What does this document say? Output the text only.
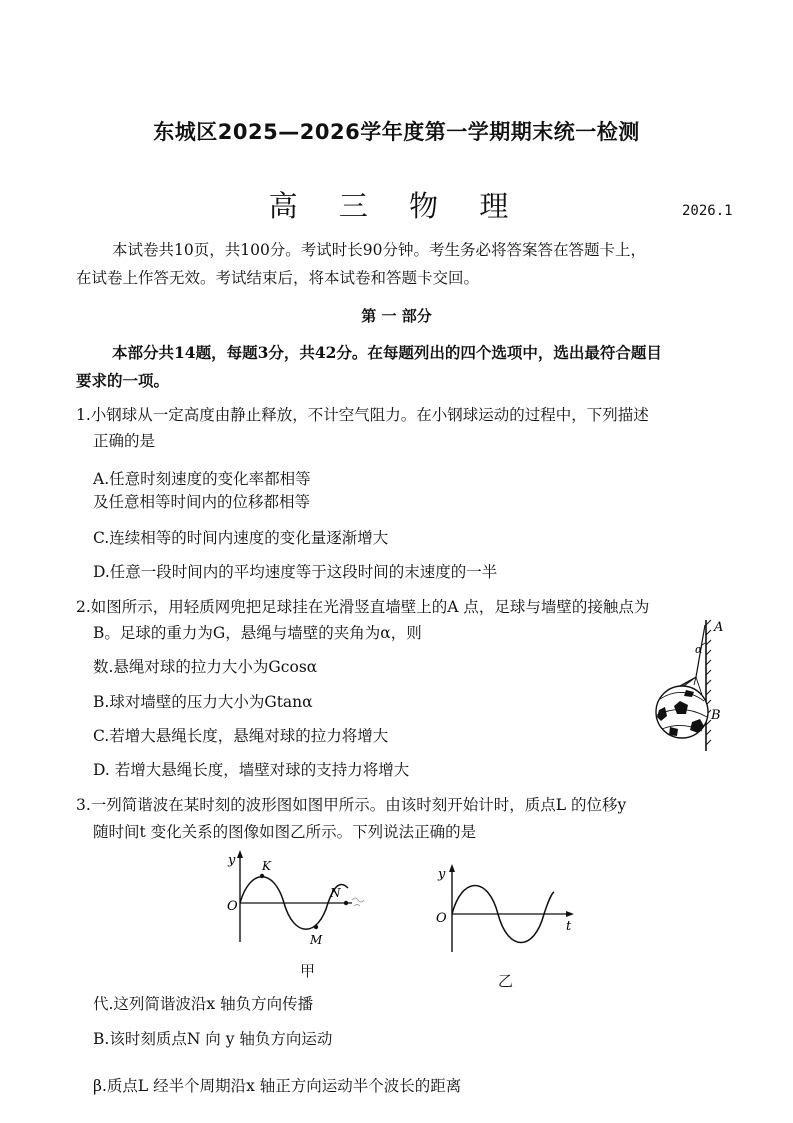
东城区2025—2026学年度第一学期期末统一检测
高 三 物 理	2026.1
本试卷共10页，共100分。考试时长90分钟。考生务必将答案答在答题卡上，
在试卷上作答无效。考试结束后，将本试卷和答题卡交回。
第 一 部分
本部分共14题，每题3分，共42分。在每题列出的四个选项中，选出最符合题目
要求的一项。
1.小钢球从一定高度由静止释放，不计空气阻力。在小钢球运动的过程中，下列描述
正确的是
A.任意时刻速度的变化率都相等
及任意相等时间内的位移都相等
C.连续相等的时间内速度的变化量逐渐增大
D.任意一段时间内的平均速度等于这段时间的末速度的一半
2.如图所示，用轻质网兜把足球挂在光滑竖直墙壁上的A 点，足球与墙壁的接触点为
B。足球的重力为G，悬绳与墙壁的夹角为α，则
数.悬绳对球的拉力大小为Gcosα
B.球对墙壁的压力大小为Gtanα
C.若增大悬绳长度，悬绳对球的拉力将增大
D. 若增大悬绳长度，墙壁对球的支持力将增大
α
A
B
3.一列简谐波在某时刻的波形图如图甲所示。由该时刻开始计时，质点L 的位移y
随时间t 变化关系的图像如图乙所示。下列说法正确的是
y
O
K
N
M
甲
y
O
t
乙
代.这列简谐波沿x 轴负方向传播
B.该时刻质点N 向 y 轴负方向运动
β.质点L 经半个周期沿x 轴正方向运动半个波长的距离
